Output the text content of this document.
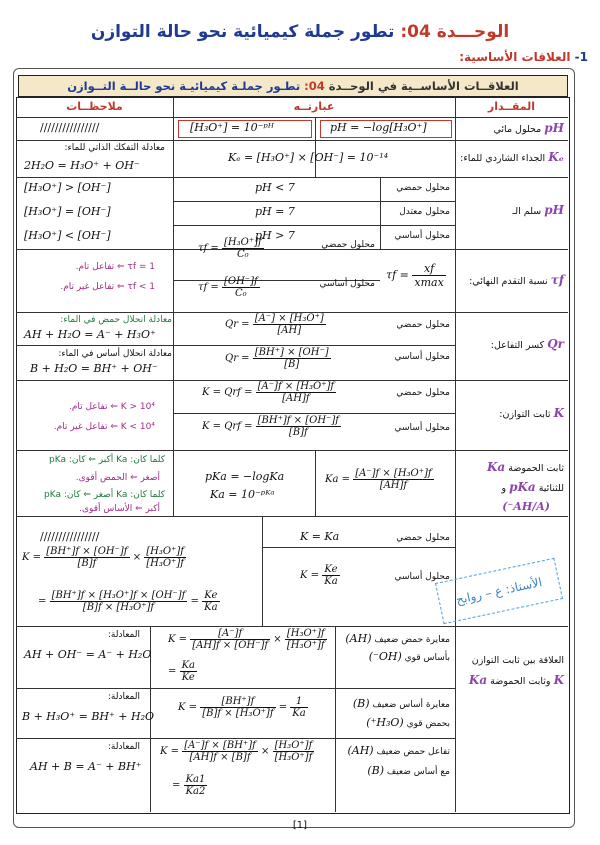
الوحـــدة 04: تطور جملة كيميائية نحو حالة التوازن
1- العلاقات الأساسية:
العلاقــات الأساســية في الوحــدة 04: تطـور جملـة كيميائيـة نحو حالــة التــوازن
المقــدار
عبارتــه
ملاحظــات
pH محلول مائي
pH = −log[H₃O⁺]
[H₃O⁺] = 10⁻ᵖᴴ
////////////////
Kₑ الجداء الشاردي للماء:
Kₑ = [H₃O⁺] × [OH⁻] = 10⁻¹⁴
معادلة التفكك الذاتي للماء:
2H₂O = H₃O⁺ + OH⁻
pH سلم الـ
محلول حمضي
محلول معتدل
محلول أساسي
pH < 7
pH = 7
pH > 7
[H₃O⁺] > [OH⁻]
[H₃O⁺] = [OH⁻]
[H₃O⁺] < [OH⁻]
τf نسبة التقدم النهائي:
$\tau f = \frac{xf}{xmax}$
محلول حمضي
محلول أساسي
$\tau f = \frac{\text{[H₃O⁺]f}}{\text{C₀}}$
$\tau f = \frac{[OH^-]f}{\text{C₀}}$
τf = 1 ⇐ تفاعل تام.
τf < 1 ⇐ تفاعل غير تام.
Qr كسر التفاعل:
محلول حمضي
محلول أساسي
$Qr = \frac{\text{[A⁻] × [H₃O⁺]}}{[AH]}$
$Qr = \frac{[BH^+] \times [OH^-]}{[B]}$
معادلة انحلال حمض في الماء:
AH + H₂O = A⁻ + H₃O⁺
معادلة انحلال أساس في الماء:
B + H₂O = BH⁺ + OH⁻
K ثابت التوازن:
محلول حمضي
محلول أساسي
K = Qrf = $\frac{\text{[A⁻]f × [H₃O⁺]f}}{[AH]f}$
K = Qrf = $\frac{[BH^+]f \times [OH^-]f}{[B]f}$
K > 10⁴ ⇐ تفاعل تام.
K < 10⁴ ⇐ تفاعل غير تام.
ثابت الحموضة Ka
للثنائية pKa و
(AH/A⁻)
$Ka = \frac{\text{[A⁻]f × [H₃O⁺]f}}{[AH]f}$
pKa = −logKa
Ka = 10⁻ᵖᴷᵃ
كلما كان: Ka أكبر ⇐ كان: pKa
أصغر ⇐ الحمض أقوى.
كلما كان: Ka أصغر ⇐ كان: pKa
أكبر ⇐ الأساس أقوى.
محلول حمضي
محلول أساسي
K = Ka
$K = \frac{Ke}{Ka}$
////////////////
$K = \frac{[BH^+]f \times [OH^-]f}{[B]f} \times \frac{\text{[H₃O⁺]f}}{\text{[H₃O⁺]f}}$
= $\frac{\text{[BH⁺]f × [H₃O⁺]f × [OH⁻]f}}{\text{[B]f × [H₃O⁺]f}} = \frac{Ke}{Ka}$
العلاقة بين ثابت التوازن
K وثابت الحموضة Ka
معايرة حمض ضعيف (AH)
بأساس قوي (OH⁻)
$K = \frac{[A^-]f}{[AH]f \times [OH^-]f} \times \frac{\text{[H₃O⁺]f}}{\text{[H₃O⁺]f}}$
= $\frac{Ka}{Ke}$
المعادلة:
AH + OH⁻ = A⁻ + H₂O
معايرة أساس ضعيف (B)
بحمض قوي (H₃O⁺)
$K = \frac{[BH^+]f}{\text{[B]f × [H₃O⁺]f}} = \frac{1}{Ka}$
المعادلة:
B + H₃O⁺ = BH⁺ + H₂O
تفاعل حمض ضعيف (AH)
مع أساس ضعيف (B)
$K = \frac{[A^-]f \times [BH^+]f}{[AH]f \times [B]f} \times \frac{\text{[H₃O⁺]f}}{\text{[H₃O⁺]f}}$
= $\frac{Ka1}{Ka2}$
المعادلة:
AH + B = A⁻ + BH⁺
الأستاذ: ع – روابح
[1]
